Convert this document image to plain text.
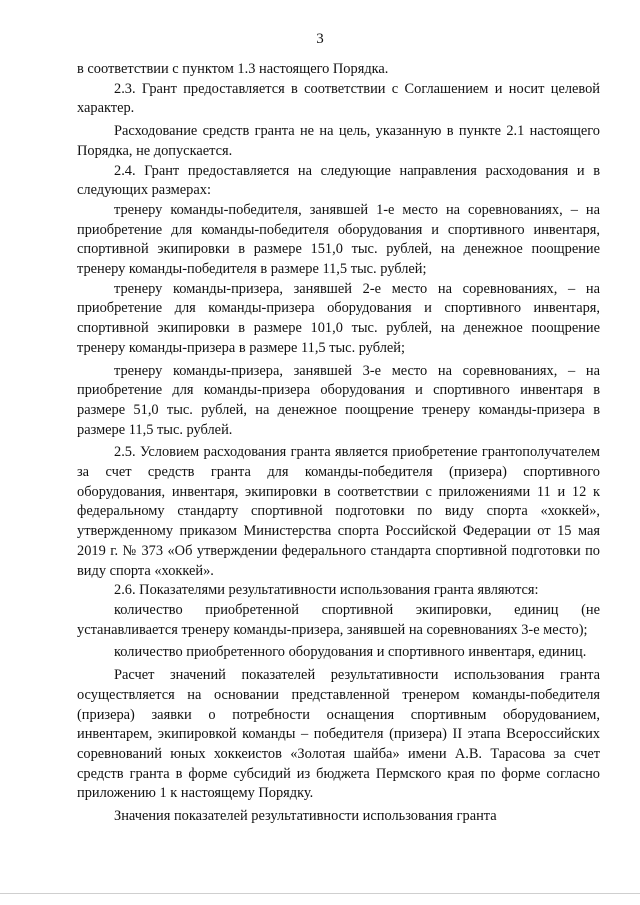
3

в соответствии с пунктом 1.3 настоящего Порядка.

2.3. Грант предоставляется в соответствии с Соглашением и носит целевой характер.

Расходование средств гранта не на цель, указанную в пункте 2.1 настоящего Порядка, не допускается.

2.4. Грант предоставляется на следующие направления расходования и в следующих размерах:

тренеру команды-победителя, занявшей 1-е место на соревнованиях, – на приобретение для команды-победителя оборудования и спортивного инвентаря, спортивной экипировки в размере 151,0 тыс. рублей, на денежное поощрение тренеру команды-победителя в размере 11,5 тыс. рублей;

тренеру команды-призера, занявшей 2-е место на соревнованиях, – на приобретение для команды-призера оборудования и спортивного инвентаря, спортивной экипировки в размере 101,0 тыс. рублей, на денежное поощрение тренеру команды-призера в размере 11,5 тыс. рублей;

тренеру команды-призера, занявшей 3-е место на соревнованиях, – на приобретение для команды-призера оборудования и спортивного инвентаря в размере 51,0 тыс. рублей, на денежное поощрение тренеру команды-призера в размере 11,5 тыс. рублей.

2.5. Условием расходования гранта является приобретение грантополучателем за счет средств гранта для команды-победителя (призера) спортивного оборудования, инвентаря, экипировки в соответствии с приложениями 11 и 12 к федеральному стандарту спортивной подготовки по виду спорта «хоккей», утвержденному приказом Министерства спорта Российской Федерации от 15 мая 2019 г. № 373 «Об утверждении федерального стандарта спортивной подготовки по виду спорта «хоккей».

2.6. Показателями результативности использования гранта являются:

количество приобретенной спортивной экипировки, единиц (не устанавливается тренеру команды-призера, занявшей на соревнованиях 3-е место);

количество приобретенного оборудования и спортивного инвентаря, единиц.

Расчет значений показателей результативности использования гранта осуществляется на основании представленной тренером команды-победителя (призера) заявки о потребности оснащения спортивным оборудованием, инвентарем, экипировкой команды – победителя (призера) II этапа Всероссийских соревнований юных хоккеистов «Золотая шайба» имени А.В. Тарасова за счет средств гранта в форме субсидий из бюджета Пермского края по форме согласно приложению 1 к настоящему Порядку.

Значения показателей результативности использования гранта
